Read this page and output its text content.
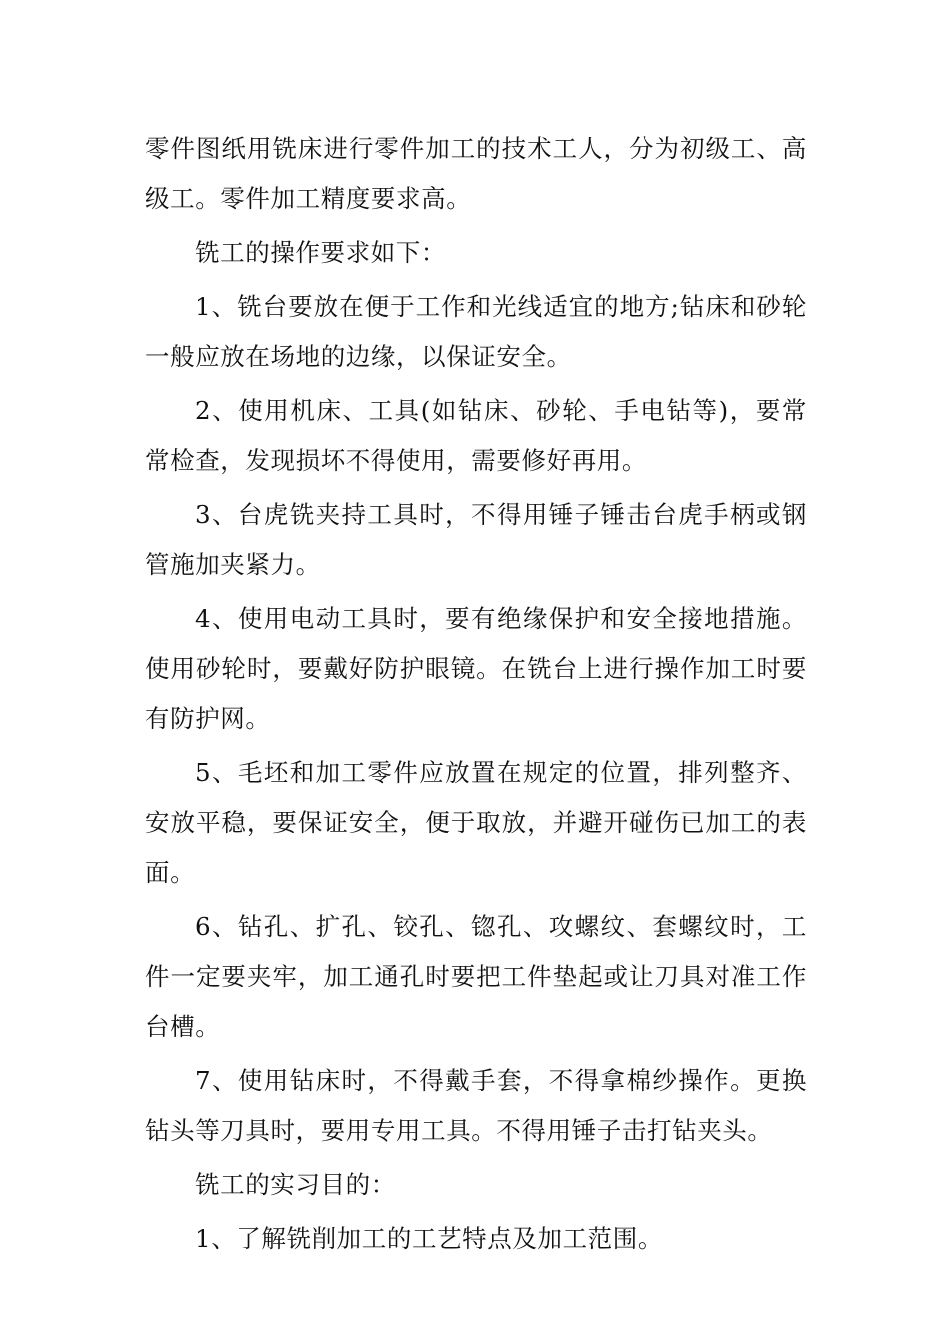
零件图纸用铣床进行零件加工的技术工人，分为初级工、高级工。零件加工精度要求高。

铣工的操作要求如下：

1、铣台要放在便于工作和光线适宜的地方;钻床和砂轮一般应放在场地的边缘，以保证安全。

2、使用机床、工具(如钻床、砂轮、手电钻等)，要常常检查，发现损坏不得使用，需要修好再用。

3、台虎铣夹持工具时，不得用锤子锤击台虎手柄或钢管施加夹紧力。

4、使用电动工具时，要有绝缘保护和安全接地措施。使用砂轮时，要戴好防护眼镜。在铣台上进行操作加工时要有防护网。

5、毛坯和加工零件应放置在规定的位置，排列整齐、安放平稳，要保证安全，便于取放，并避开碰伤已加工的表面。

6、钻孔、扩孔、铰孔、锪孔、攻螺纹、套螺纹时，工件一定要夹牢，加工通孔时要把工件垫起或让刀具对准工作台槽。

7、使用钻床时，不得戴手套，不得拿棉纱操作。更换钻头等刀具时，要用专用工具。不得用锤子击打钻夹头。

铣工的实习目的：

1、了解铣削加工的工艺特点及加工范围。
